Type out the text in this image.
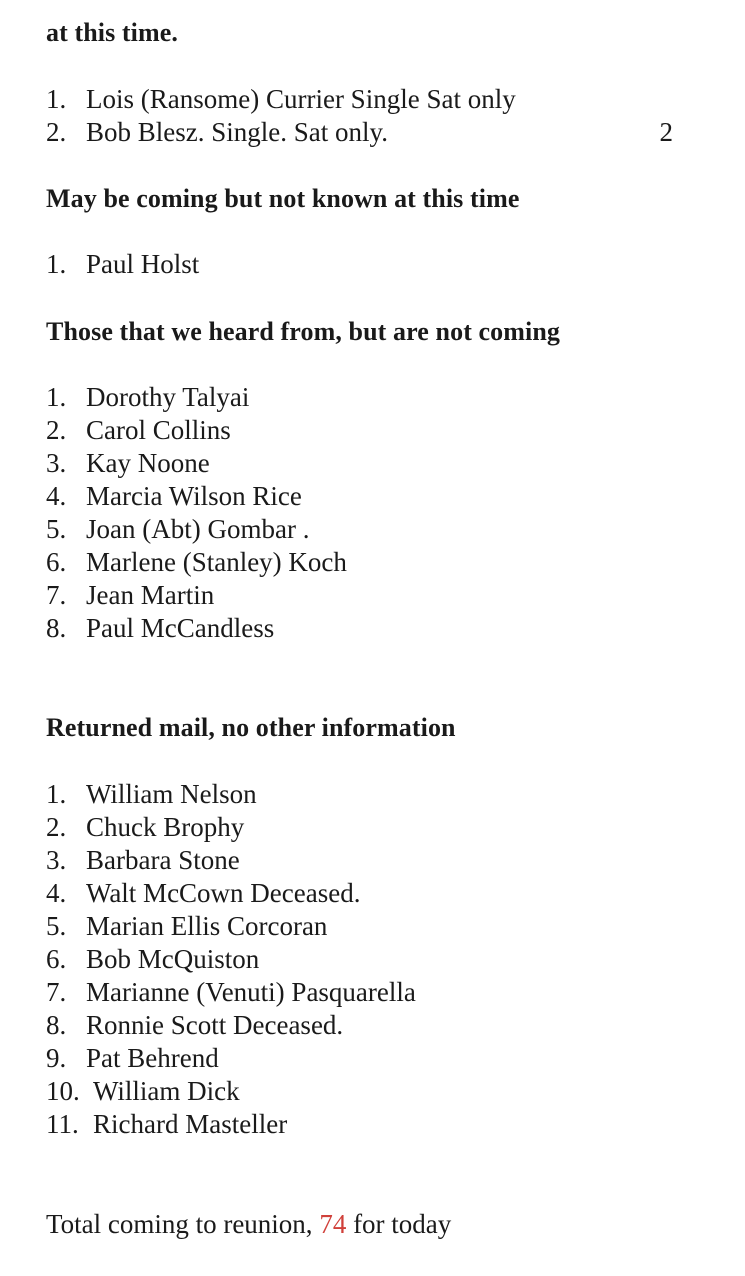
at this time.
1. Lois (Ransome) Currier Single Sat only
2. Bob Blesz. Single. Sat only.	2
May be coming but not known at this time
1. Paul Holst
Those that we heard from, but are not coming
1. Dorothy Talyai
2. Carol Collins
3. Kay Noone
4. Marcia Wilson Rice
5. Joan (Abt) Gombar .
6. Marlene (Stanley) Koch
7. Jean Martin
8. Paul McCandless
Returned mail, no other information
1. William Nelson
2. Chuck Brophy
3. Barbara Stone
4. Walt McCown Deceased.
5. Marian Ellis Corcoran
6. Bob McQuiston
7. Marianne (Venuti) Pasquarella
8. Ronnie Scott Deceased.
9. Pat Behrend
10. William Dick
11. Richard Masteller
Total coming to reunion, 74 for today
